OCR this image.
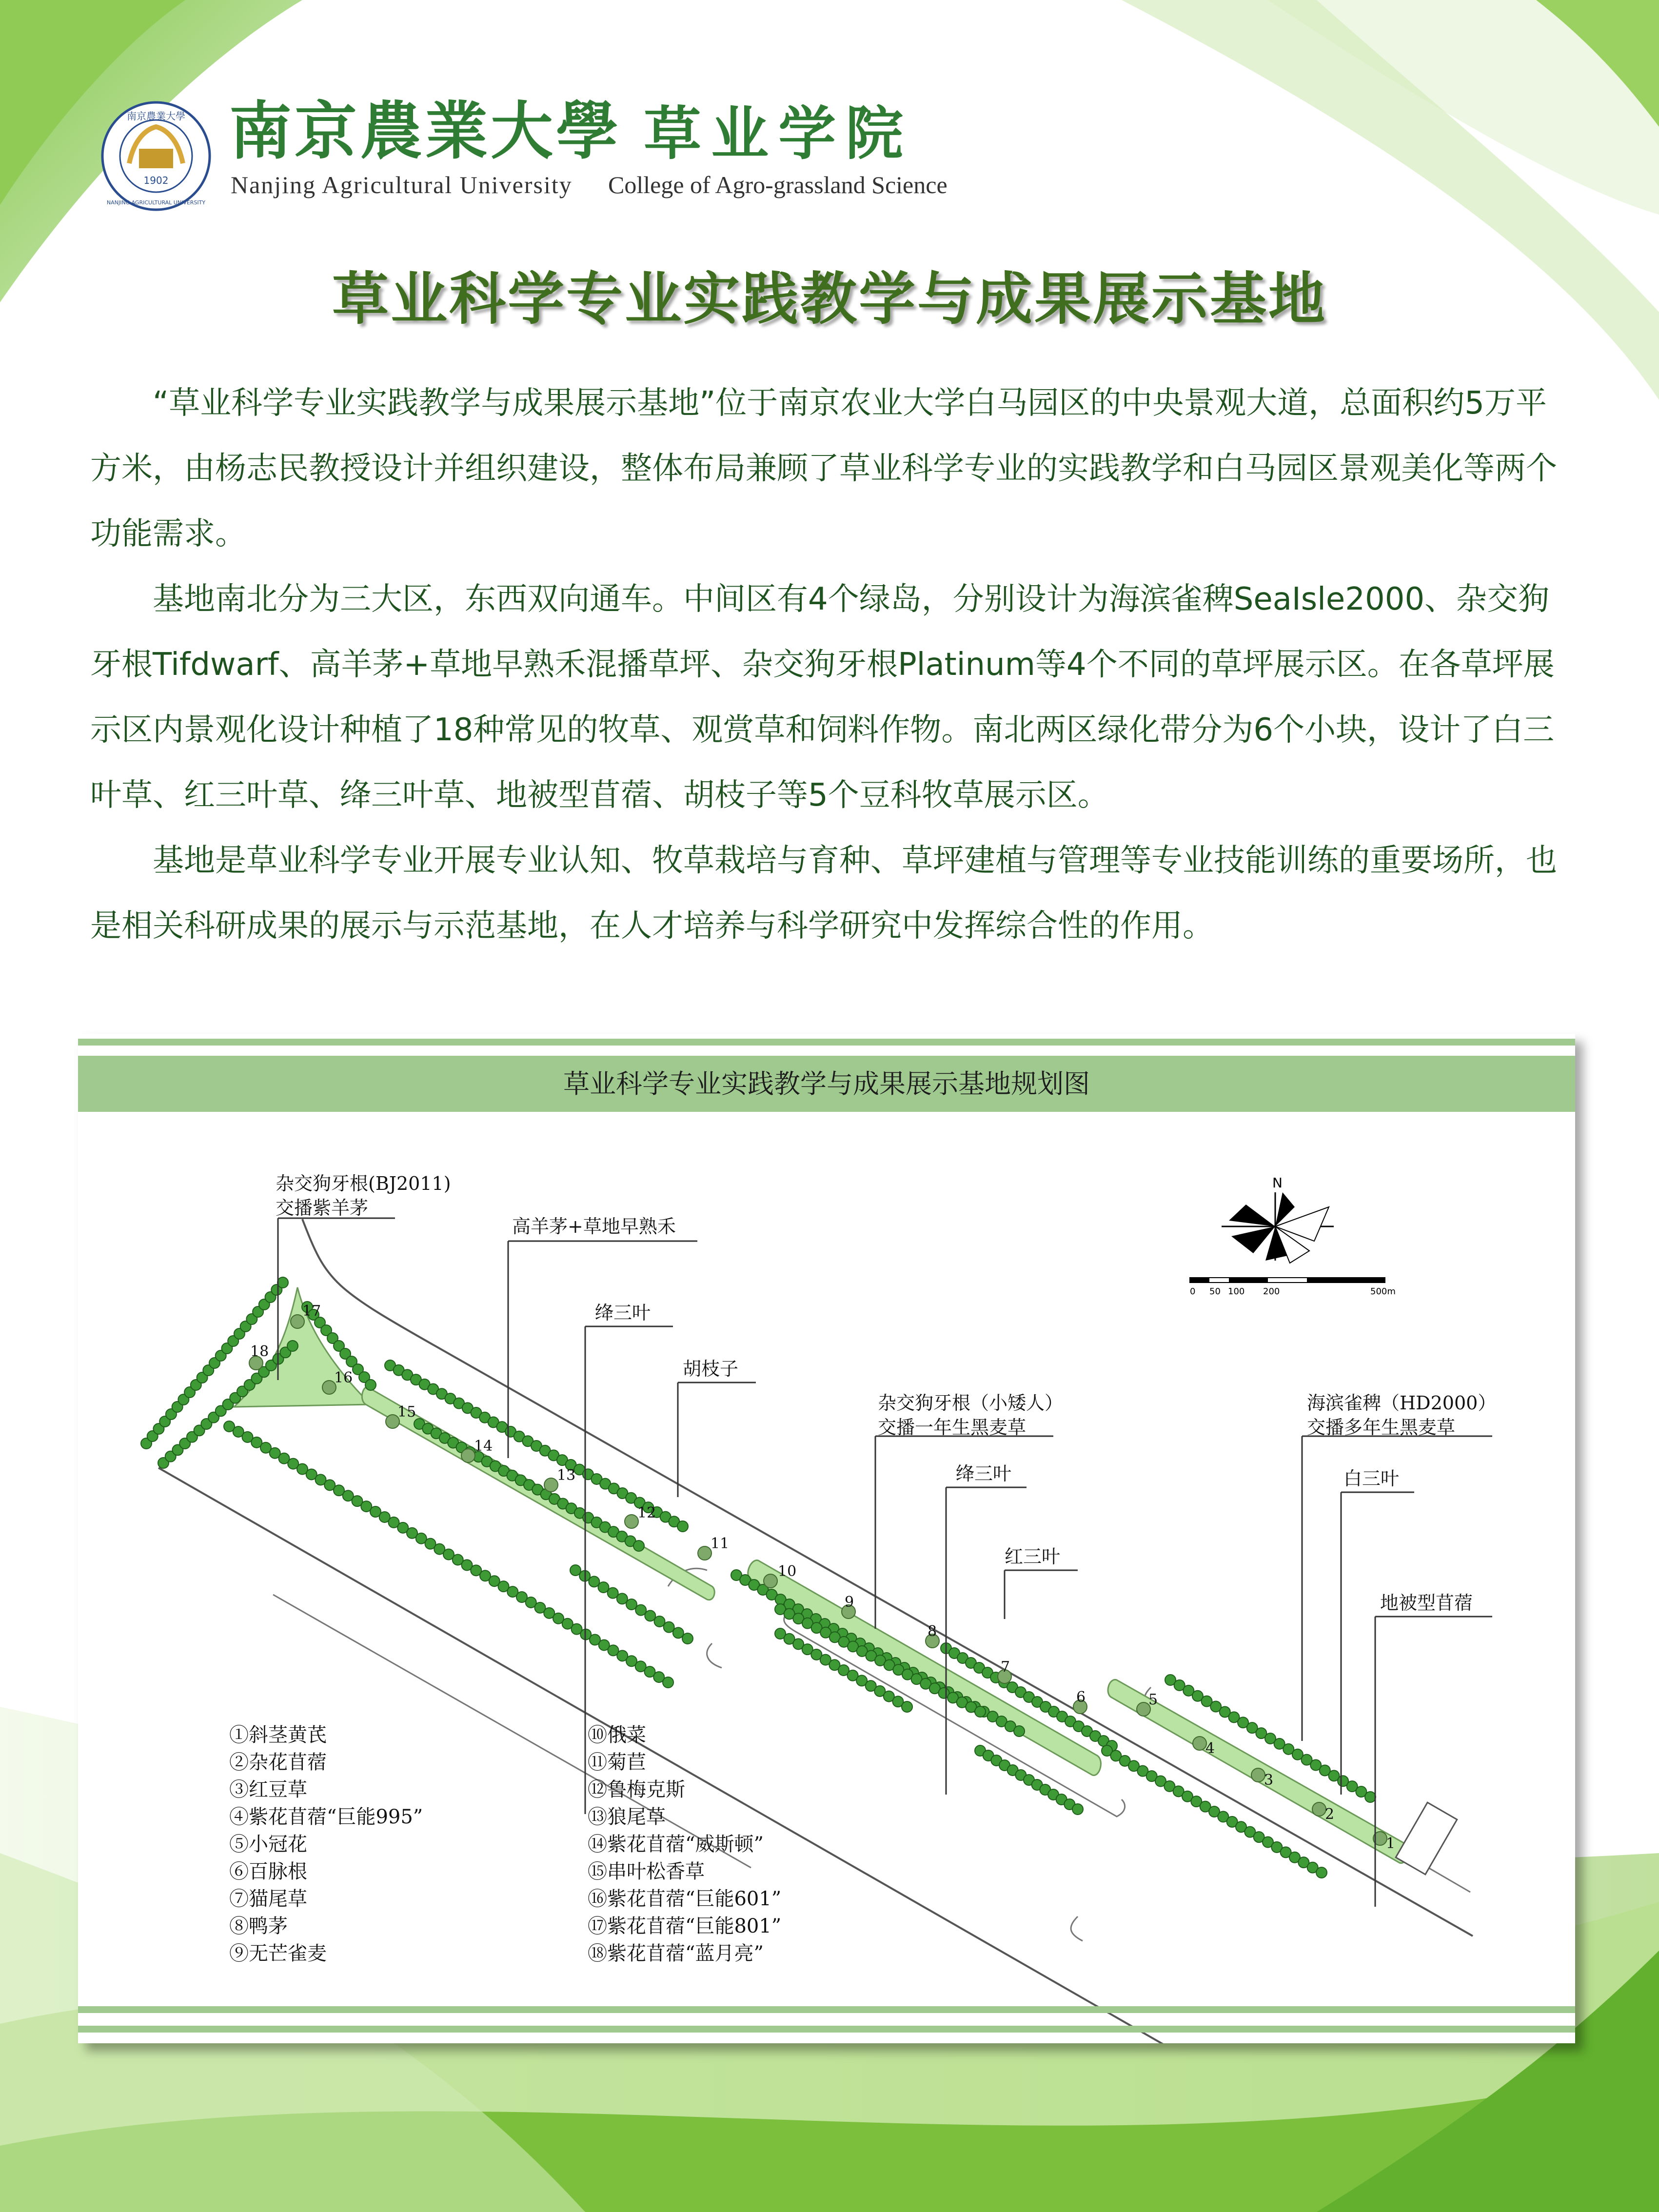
1902
南京農業大學
NANJING AGRICULTURAL UNIVERSITY
南京農業大學 草业学院
Nanjing Agricultural University College of Agro-grassland Science
草业科学专业实践教学与成果展示基地

“草业科学专业实践教学与成果展示基地”位于南京农业大学白马园区的中央景观大道，总面积约5万平方米，由杨志民教授设计并组织建设，整体布局兼顾了草业科学专业的实践教学和白马园区景观美化等两个功能需求。

基地南北分为三大区，东西双向通车。中间区有4个绿岛，分别设计为海滨雀稗SeaIsle2000、杂交狗牙根Tifdwarf、高羊茅+草地早熟禾混播草坪、杂交狗牙根Platinum等4个不同的草坪展示区。在各草坪展示区内景观化设计种植了18种常见的牧草、观赏草和饲料作物。南北两区绿化带分为6个小块，设计了白三叶草、红三叶草、绛三叶草、地被型苜蓿、胡枝子等5个豆科牧草展示区。

基地是草业科学专业开展专业认知、牧草栽培与育种、草坪建植与管理等专业技能训练的重要场所，也是相关科研成果的展示与示范基地，在人才培养与科学研究中发挥综合性的作用。

草业科学专业实践教学与成果展示基地规划图
1
2
3
4
5
6
7
8
9
10
11
12
13
14
15
16
17
18
N
0 50 100 200	500m
杂交狗牙根(BJ2011)
交播紫羊茅
高羊茅+草地早熟禾
绛三叶
胡枝子
杂交狗牙根（小矮人）
交播一年生黑麦草
绛三叶
红三叶
海滨雀稗（HD2000）
交播多年生黑麦草
白三叶
地被型苜蓿
①斜茎黄芪
②杂花苜蓿
③红豆草
④紫花苜蓿“巨能995”
⑤小冠花
⑥百脉根
⑦猫尾草
⑧鸭茅
⑨无芒雀麦
⑩俄菜
⑪菊苣
⑫鲁梅克斯
⑬狼尾草
⑭紫花苜蓿“威斯顿”
⑮串叶松香草
⑯紫花苜蓿“巨能601”
⑰紫花苜蓿“巨能801”
⑱紫花苜蓿“蓝月亮”
